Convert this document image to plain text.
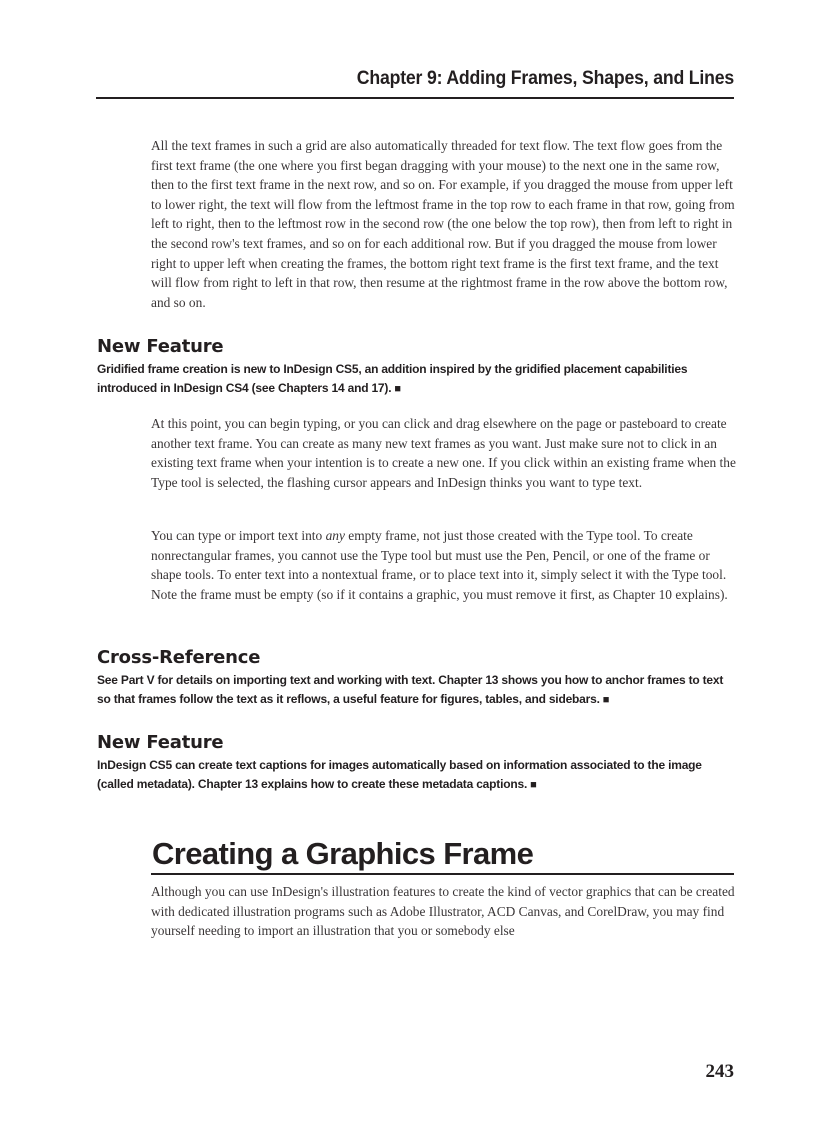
Chapter 9: Adding Frames, Shapes, and Lines

All the text frames in such a grid are also automatically threaded for text flow. The text flow goes from the first text frame (the one where you first began dragging with your mouse) to the next one in the same row, then to the first text frame in the next row, and so on. For example, if you dragged the mouse from upper left to lower right, the text will flow from the leftmost frame in the top row to each frame in that row, going from left to right, then to the leftmost row in the second row (the one below the top row), then from left to right in the second row's text frames, and so on for each additional row. But if you dragged the mouse from lower right to upper left when creating the frames, the bottom right text frame is the first text frame, and the text will flow from right to left in that row, then resume at the rightmost frame in the row above the bottom row, and so on.

New Feature

Gridified frame creation is new to InDesign CS5, an addition inspired by the gridified placement capabilities introduced in InDesign CS4 (see Chapters 14 and 17). ■

At this point, you can begin typing, or you can click and drag elsewhere on the page or pasteboard to create another text frame. You can create as many new text frames as you want. Just make sure not to click in an existing text frame when your intention is to create a new one. If you click within an existing frame when the Type tool is selected, the flashing cursor appears and InDesign thinks you want to type text.

You can type or import text into any empty frame, not just those created with the Type tool. To create nonrectangular frames, you cannot use the Type tool but must use the Pen, Pencil, or one of the frame or shape tools. To enter text into a nontextual frame, or to place text into it, simply select it with the Type tool. Note the frame must be empty (so if it contains a graphic, you must remove it first, as Chapter 10 explains).

Cross-Reference

See Part V for details on importing text and working with text. Chapter 13 shows you how to anchor frames to text so that frames follow the text as it reflows, a useful feature for figures, tables, and sidebars. ■

New Feature

InDesign CS5 can create text captions for images automatically based on information associated to the image (called metadata). Chapter 13 explains how to create these metadata captions. ■

Creating a Graphics Frame

Although you can use InDesign's illustration features to create the kind of vector graphics that can be created with dedicated illustration programs such as Adobe Illustrator, ACD Canvas, and CorelDraw, you may find yourself needing to import an illustration that you or somebody else

243
